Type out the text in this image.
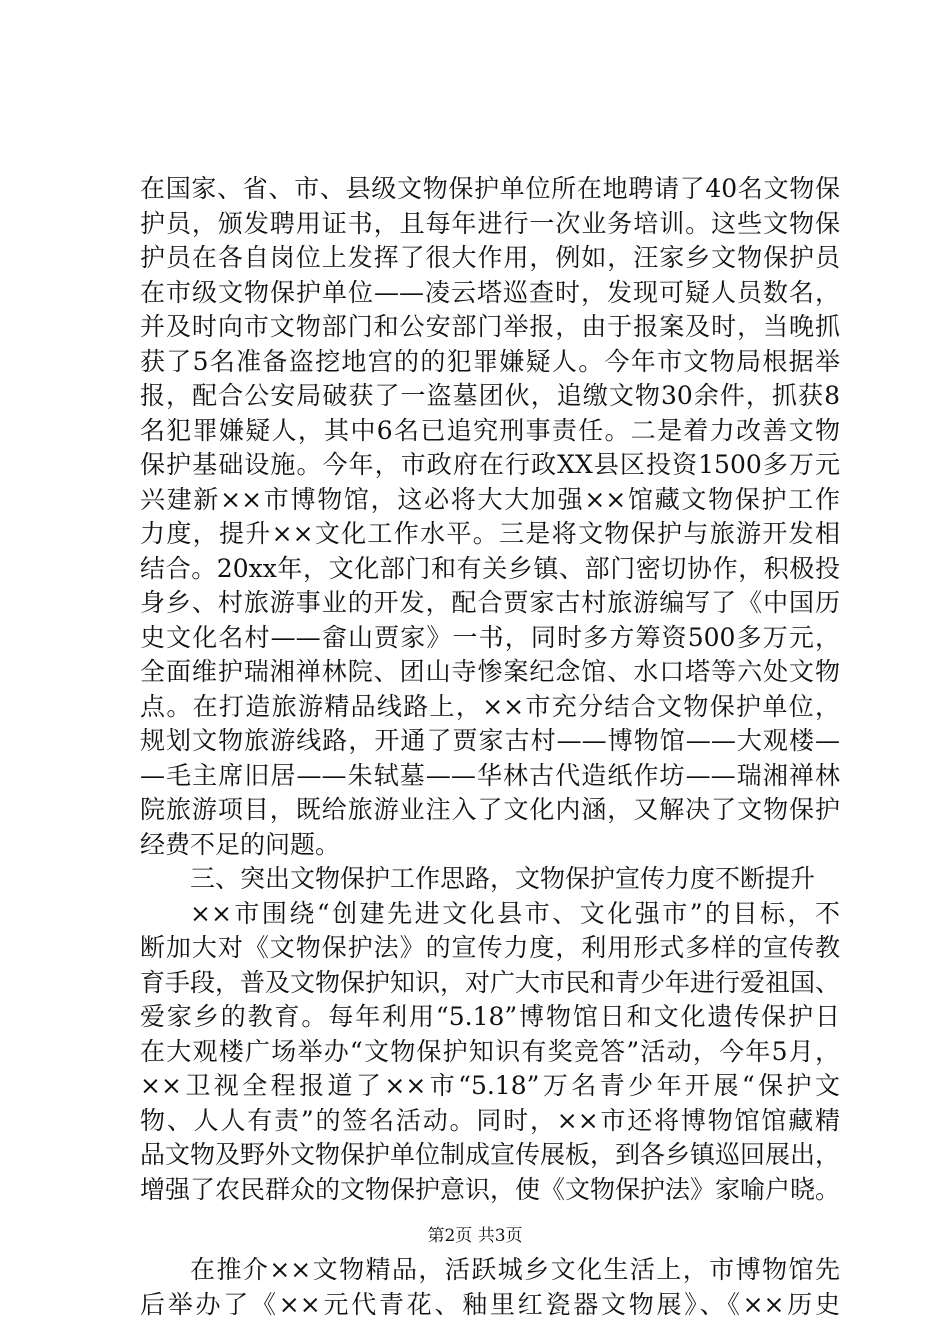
在国家、省、市、县级文物保护单位所在地聘请了40名文物保
护员，颁发聘用证书，且每年进行一次业务培训。这些文物保
护员在各自岗位上发挥了很大作用，例如，汪家乡文物保护员
在市级文物保护单位——凌云塔巡查时，发现可疑人员数名，
并及时向市文物部门和公安部门举报，由于报案及时，当晚抓
获了5名准备盗挖地宫的的犯罪嫌疑人。今年市文物局根据举
报，配合公安局破获了一盗墓团伙，追缴文物30余件，抓获8
名犯罪嫌疑人，其中6名已追究刑事责任。二是着力改善文物
保护基础设施。今年，市政府在行政XX县区投资1500多万元
兴建新××市博物馆，这必将大大加强××馆藏文物保护工作
力度，提升××文化工作水平。三是将文物保护与旅游开发相
结合。20xx年，文化部门和有关乡镇、部门密切协作，积极投
身乡、村旅游事业的开发，配合贾家古村旅游编写了《中国历
史文化名村——畲山贾家》一书，同时多方筹资500多万元，
全面维护瑞湘禅林院、团山寺惨案纪念馆、水口塔等六处文物
点。在打造旅游精品线路上，××市充分结合文物保护单位，
规划文物旅游线路，开通了贾家古村——博物馆——大观楼—
—毛主席旧居——朱轼墓——华林古代造纸作坊——瑞湘禅林
院旅游项目，既给旅游业注入了文化内涵，又解决了文物保护
经费不足的问题。
三、突出文物保护工作思路，文物保护宣传力度不断提升
××市围绕“创建先进文化县市、文化强市”的目标，不
断加大对《文物保护法》的宣传力度，利用形式多样的宣传教
育手段，普及文物保护知识，对广大市民和青少年进行爱祖国、
爱家乡的教育。每年利用“5.18”博物馆日和文化遗传保护日
在大观楼广场举办“文物保护知识有奖竞答”活动，今年5月，
××卫视全程报道了××市“5.18”万名青少年开展“保护文
物、人人有责”的签名活动。同时，××市还将博物馆馆藏精
品文物及野外文物保护单位制成宣传展板，到各乡镇巡回展出，
增强了农民群众的文物保护意识，使《文物保护法》家喻户晓。
在推介××文物精品，活跃城乡文化生活上，市博物馆先
后举办了《××元代青花、釉里红瓷器文物展》、《××历史
第2页 共3页
